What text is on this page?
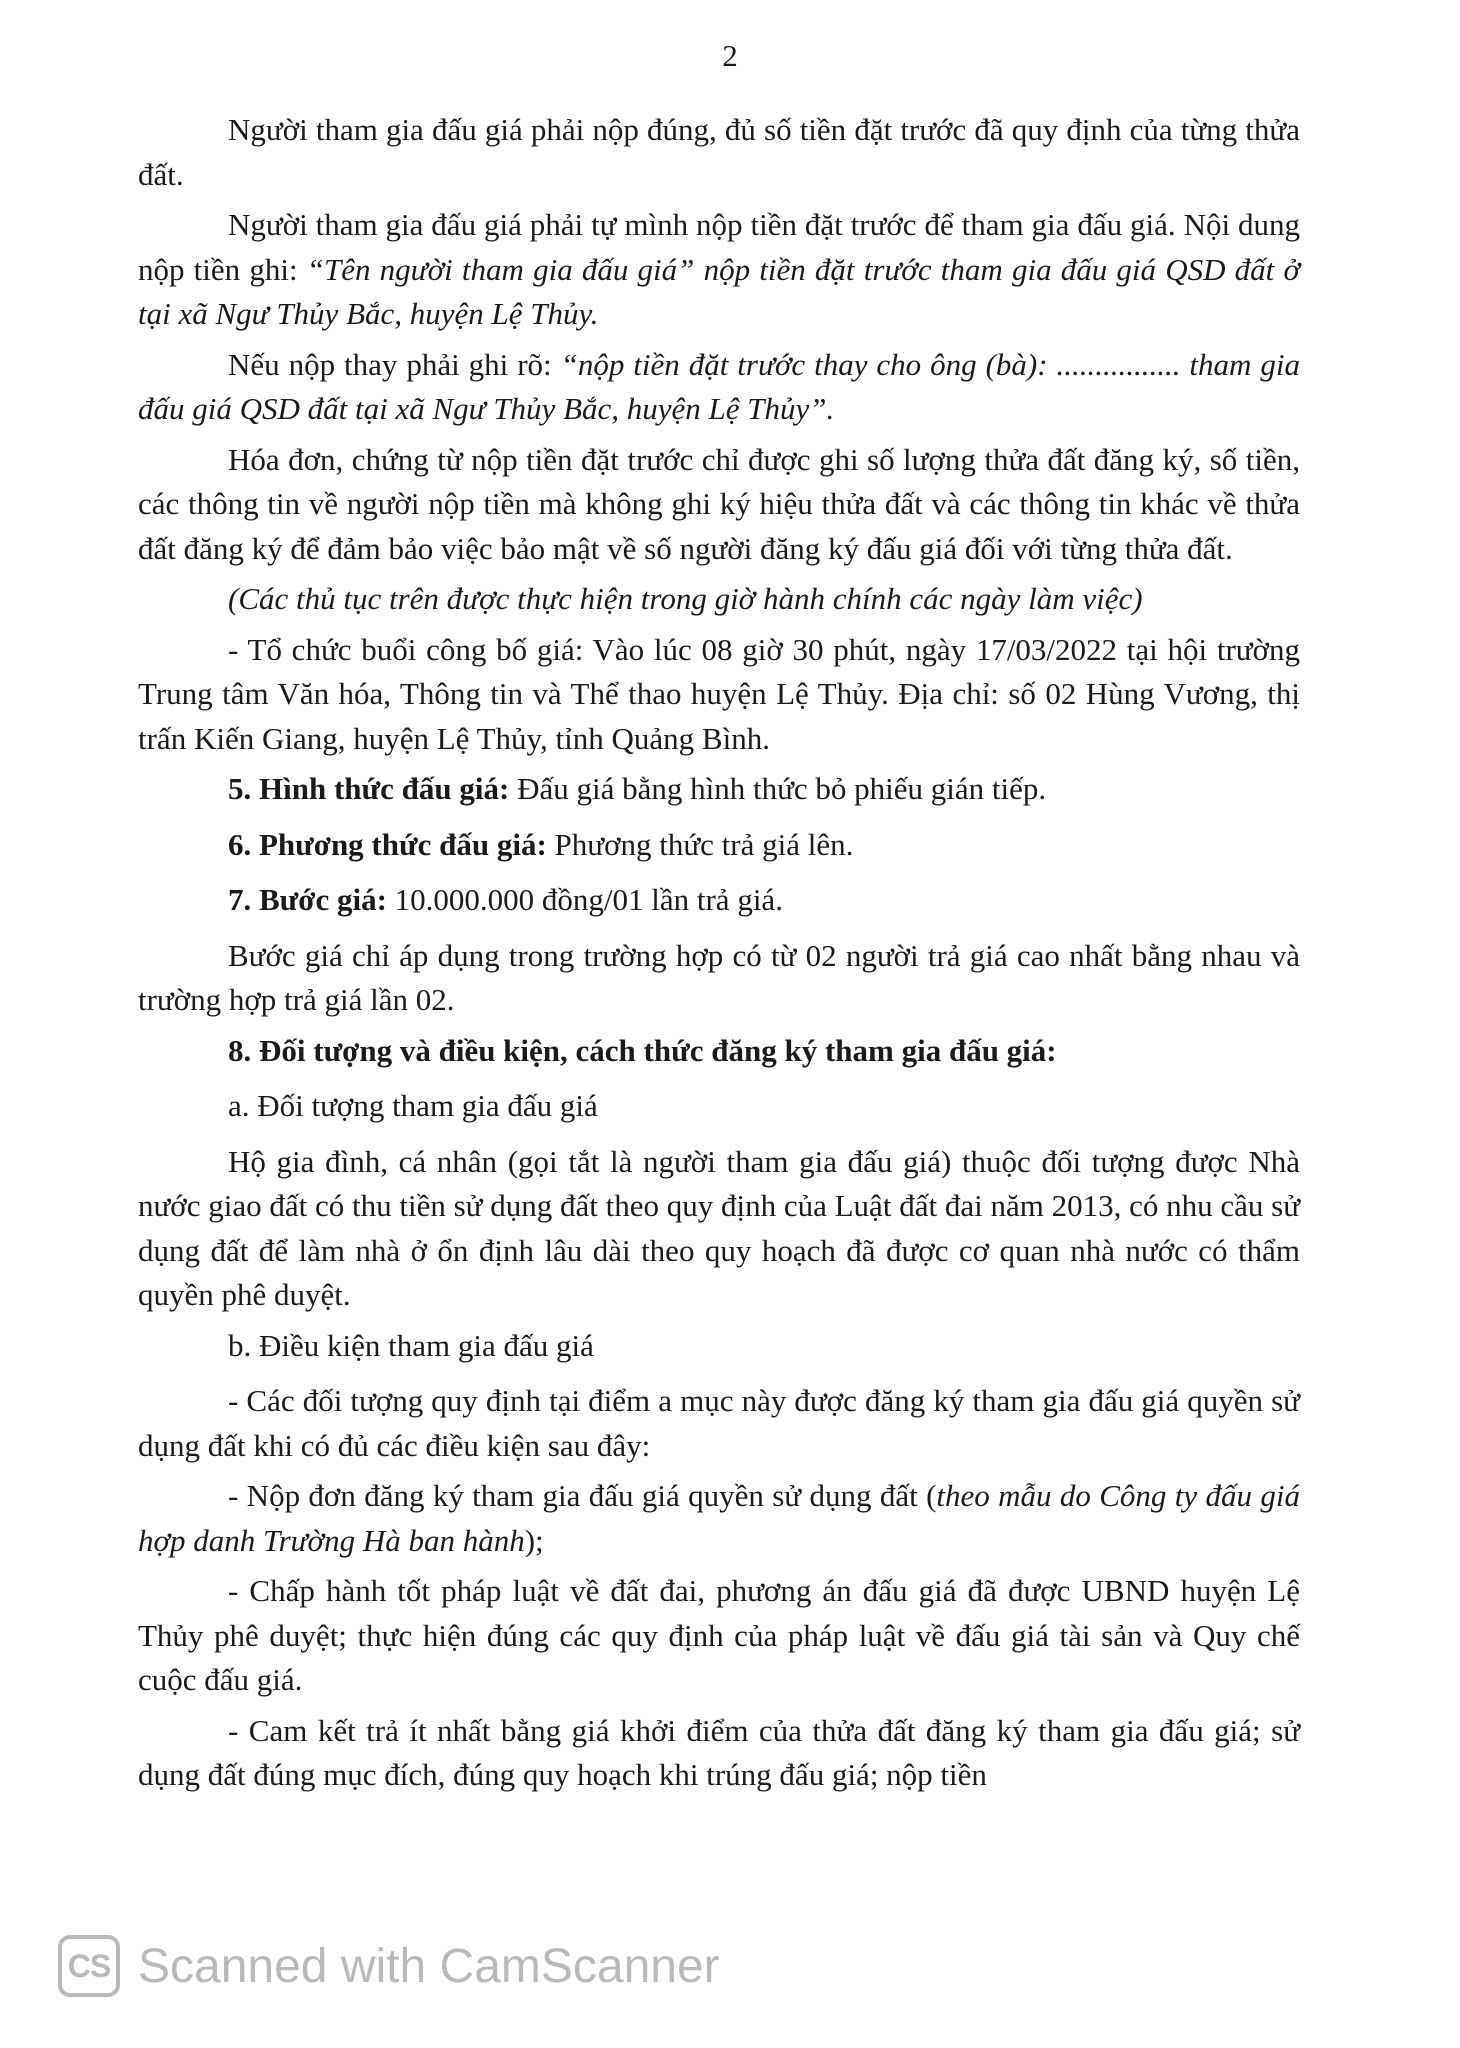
2

Người tham gia đấu giá phải nộp đúng, đủ số tiền đặt trước đã quy định của từng thửa đất.

Người tham gia đấu giá phải tự mình nộp tiền đặt trước để tham gia đấu giá. Nội dung nộp tiền ghi: “Tên người tham gia đấu giá” nộp tiền đặt trước tham gia đấu giá QSD đất ở tại xã Ngư Thủy Bắc, huyện Lệ Thủy.

Nếu nộp thay phải ghi rõ: “nộp tiền đặt trước thay cho ông (bà): ................ tham gia đấu giá QSD đất tại xã Ngư Thủy Bắc, huyện Lệ Thủy”.

Hóa đơn, chứng từ nộp tiền đặt trước chỉ được ghi số lượng thửa đất đăng ký, số tiền, các thông tin về người nộp tiền mà không ghi ký hiệu thửa đất và các thông tin khác về thửa đất đăng ký để đảm bảo việc bảo mật về số người đăng ký đấu giá đối với từng thửa đất.

(Các thủ tục trên được thực hiện trong giờ hành chính các ngày làm việc)

- Tổ chức buổi công bố giá: Vào lúc 08 giờ 30 phút, ngày 17/03/2022 tại hội trường Trung tâm Văn hóa, Thông tin và Thể thao huyện Lệ Thủy. Địa chỉ: số 02 Hùng Vương, thị trấn Kiến Giang, huyện Lệ Thủy, tỉnh Quảng Bình.

5. Hình thức đấu giá: Đấu giá bằng hình thức bỏ phiếu gián tiếp.

6. Phương thức đấu giá: Phương thức trả giá lên.

7. Bước giá: 10.000.000 đồng/01 lần trả giá.

Bước giá chỉ áp dụng trong trường hợp có từ 02 người trả giá cao nhất bằng nhau và trường hợp trả giá lần 02.

8. Đối tượng và điều kiện, cách thức đăng ký tham gia đấu giá:

a. Đối tượng tham gia đấu giá

Hộ gia đình, cá nhân (gọi tắt là người tham gia đấu giá) thuộc đối tượng được Nhà nước giao đất có thu tiền sử dụng đất theo quy định của Luật đất đai năm 2013, có nhu cầu sử dụng đất để làm nhà ở ổn định lâu dài theo quy hoạch đã được cơ quan nhà nước có thẩm quyền phê duyệt.

b. Điều kiện tham gia đấu giá

- Các đối tượng quy định tại điểm a mục này được đăng ký tham gia đấu giá quyền sử dụng đất khi có đủ các điều kiện sau đây:

- Nộp đơn đăng ký tham gia đấu giá quyền sử dụng đất (theo mẫu do Công ty đấu giá hợp danh Trường Hà ban hành);

- Chấp hành tốt pháp luật về đất đai, phương án đấu giá đã được UBND huyện Lệ Thủy phê duyệt; thực hiện đúng các quy định của pháp luật về đấu giá tài sản và Quy chế cuộc đấu giá.

- Cam kết trả ít nhất bằng giá khởi điểm của thửa đất đăng ký tham gia đấu giá; sử dụng đất đúng mục đích, đúng quy hoạch khi trúng đấu giá; nộp tiền

CS Scanned with CamScanner
